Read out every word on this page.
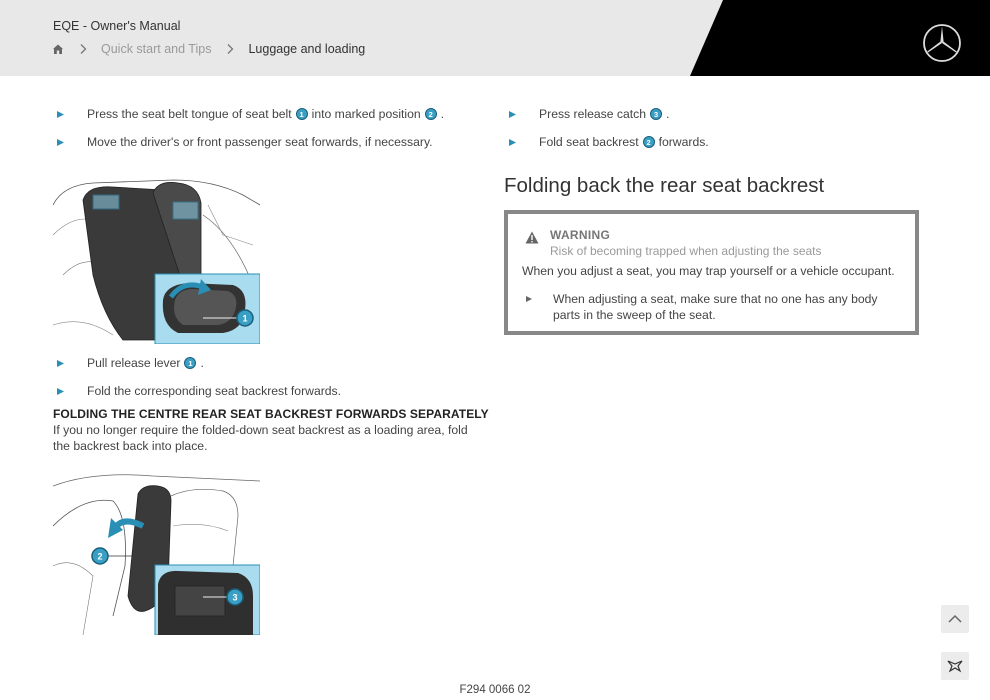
EQE - Owner's Manual
Quick start and Tips	Luggage and loading
Press the seat belt tongue of seat belt	1 into marked position	2 .
Move the driver's or front passenger seat forwards, if necessary.
1
Pull release lever	1 .
Fold the corresponding seat backrest forwards.
FOLDING THE CENTRE REAR SEAT BACKREST FORWARDS SEPARATELY
If you no longer require the folded-down seat backrest as a loading area, fold the backrest back into place.
2
3
F294 0066 02
Press release catch	3 .
Fold seat backrest	2 forwards.
Folding back the rear seat backrest
WARNING
Risk of becoming trapped when adjusting the seats
When you adjust a seat, you may trap yourself or a vehicle occupant.
When adjusting a seat, make sure that no one has any body parts in the sweep of the seat.
